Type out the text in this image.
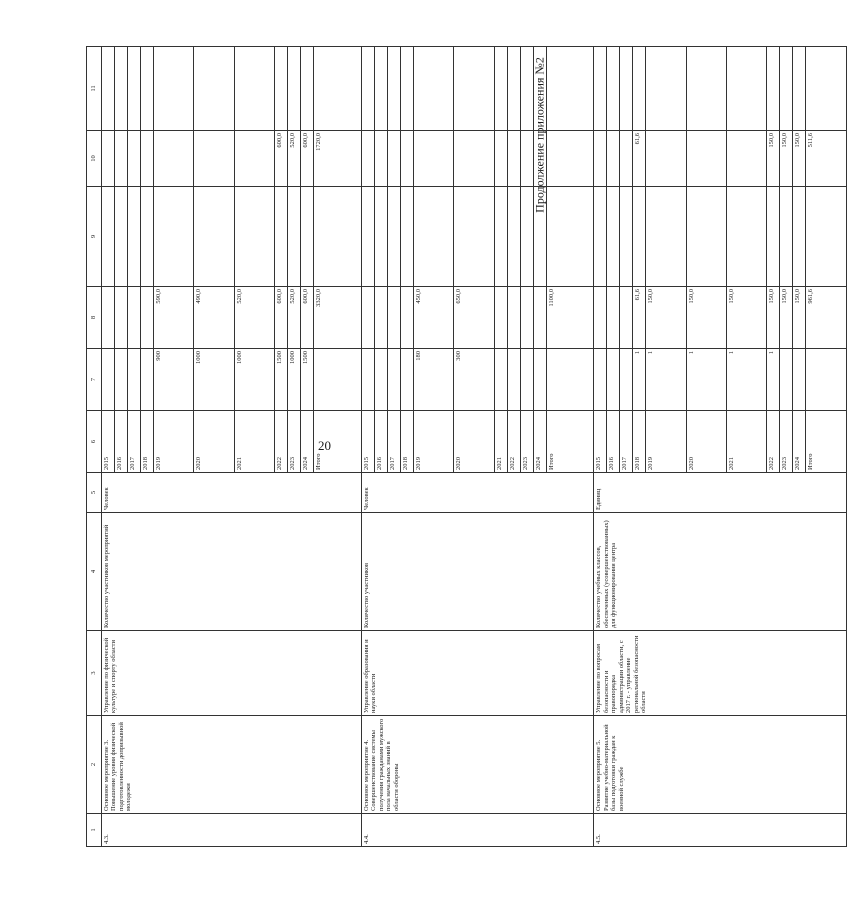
20
Продолжение приложения №2
1	2	3	4	5	6	7	8	9	10	11	
4.3.	Основное мероприятие 3. Повышение уровня физической подготовленности допризывной молодежи	Управление по физической культуре и спорту области	Количество участников мероприятий	Человек	2015						
					2016						
					2017						
					2018						
					2019	900	590,0				
					2020	1000	490,0				
					2021	1000	520,0				
					2022	1500	600,0		600,0		
					2023	1000	520,0		520,0		
					2024	1500	600,0		600,0		
					Итого		3320,0		1720,0		
4.4.	Основное мероприятие 4. Совершенствование системы получения гражданами мужского пола начальных знаний в области обороны	Управление образования и науки области	Количество участников	Человек	2015						
					2016						
					2017						
					2018						
					2019	180	450,0				
					2020	300	650,0				
					2021						
					2022						
					2023						
					2024						
					Итого		1100,0				
4.5.	Основное мероприятие 5. Развитие учебно-материальной базы подготовки граждан к военной службе	Управление по вопросам безопасности и правопорядка администрации области, с 2017 г. - управление региональной безопасности области	Количество учебных классов, обеспеченных (усовершенствованных) для функционирования центра	Единиц	2015						
					2016						
					2017						
					2018	1	61,6		61,6		
					2019	1	150,0				
					2020	1	150,0				
					2021	1	150,0				
					2022	1	150,0		150,0		
					2023		150,0		150,0		
					2024		150,0		150,0		
					Итого		961,6		511,6		
